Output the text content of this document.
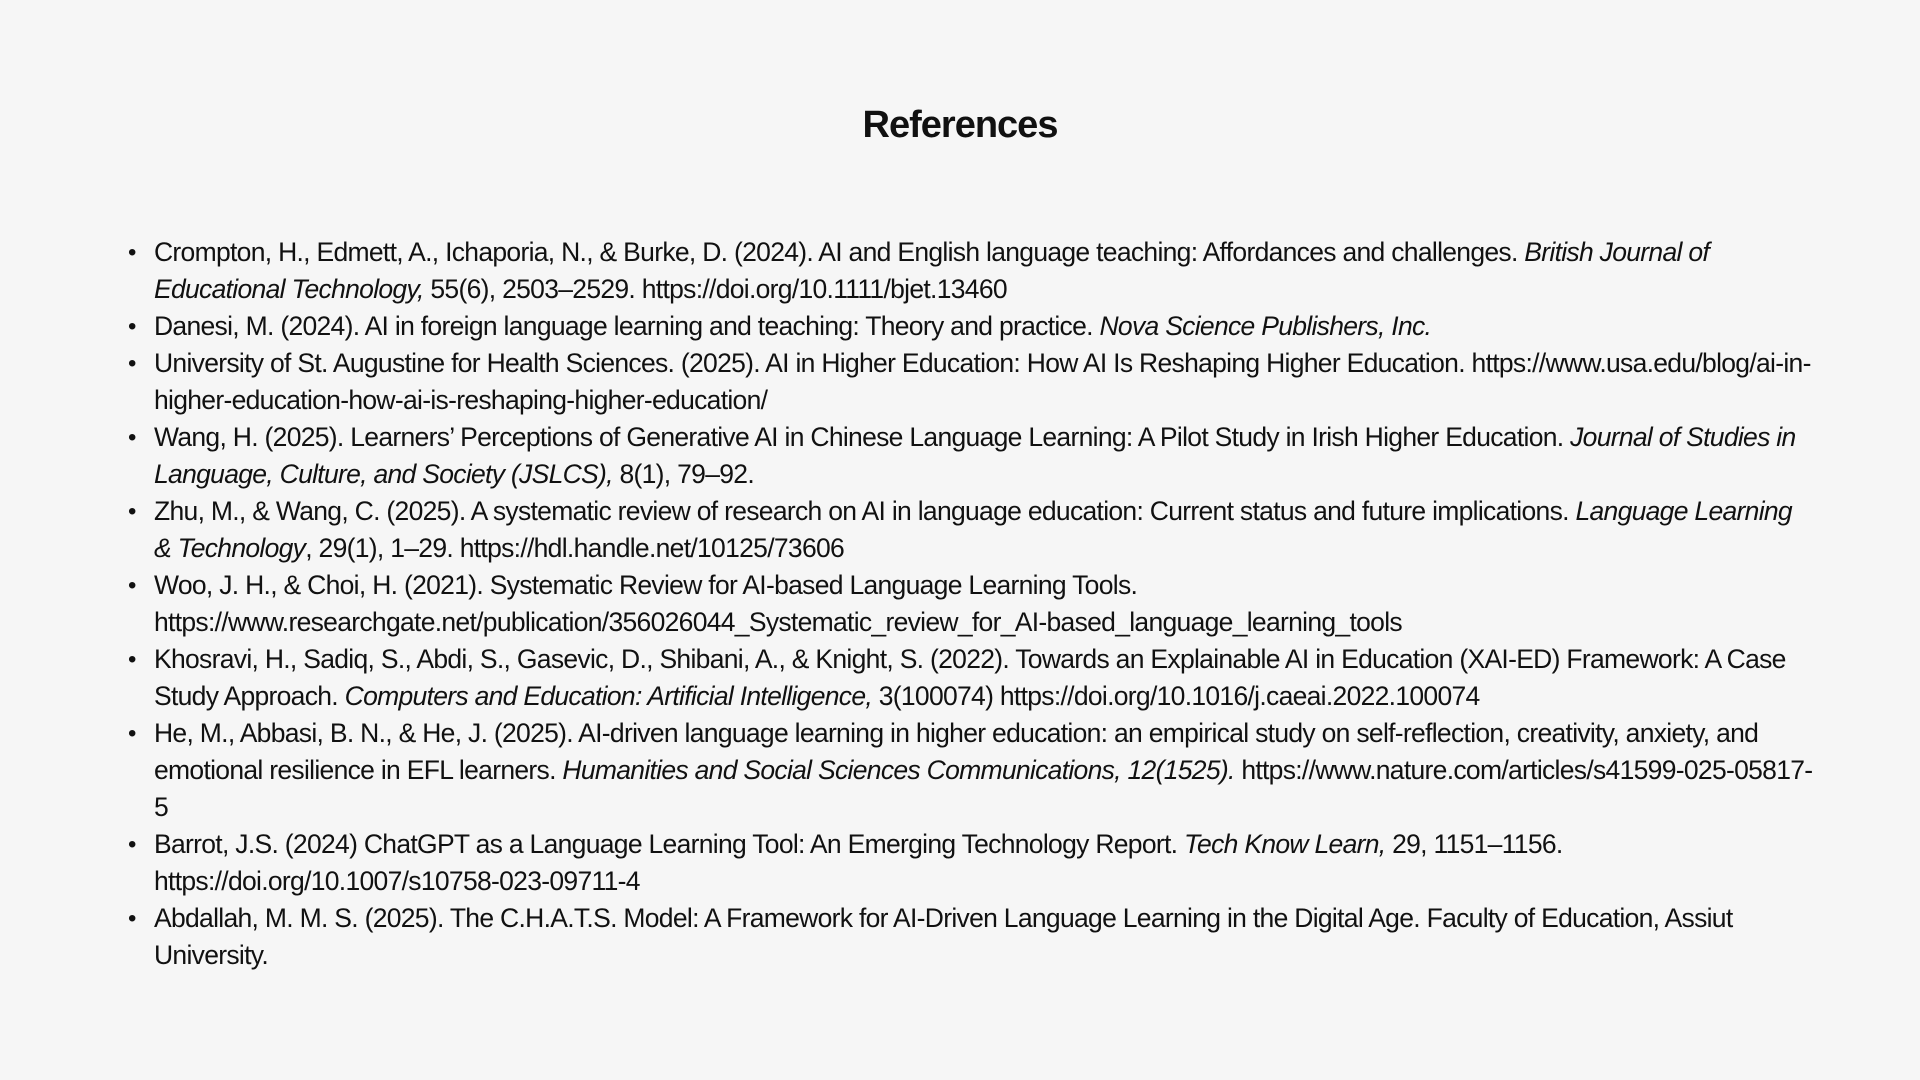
References
• Crompton, H., Edmett, A., Ichaporia, N., & Burke, D. (2024). AI and English language teaching: Affordances and challenges. British Journal of Educational Technology, 55(6), 2503–2529. https://doi.org/10.1111/bjet.13460
• Danesi, M. (2024). AI in foreign language learning and teaching: Theory and practice. Nova Science Publishers, Inc.
• University of St. Augustine for Health Sciences. (2025). AI in Higher Education: How AI Is Reshaping Higher Education. https://www.usa.edu/blog/ai-in-higher-education-how-ai-is-reshaping-higher-education/
• Wang, H. (2025). Learners’ Perceptions of Generative AI in Chinese Language Learning: A Pilot Study in Irish Higher Education. Journal of Studies in Language, Culture, and Society (JSLCS), 8(1), 79–92.
• Zhu, M., & Wang, C. (2025). A systematic review of research on AI in language education: Current status and future implications. Language Learning & Technology, 29(1), 1–29. https://hdl.handle.net/10125/73606
• Woo, J. H., & Choi, H. (2021). Systematic Review for AI-based Language Learning Tools. https://www.researchgate.net/publication/356026044_Systematic_review_for_AI-based_language_learning_tools
• Khosravi, H., Sadiq, S., Abdi, S., Gasevic, D., Shibani, A., & Knight, S. (2022). Towards an Explainable AI in Education (XAI-ED) Framework: A Case Study Approach. Computers and Education: Artificial Intelligence, 3(100074) https://doi.org/10.1016/j.caeai.2022.100074
• He, M., Abbasi, B. N., & He, J. (2025). AI-driven language learning in higher education: an empirical study on self-reflection, creativity, anxiety, and emotional resilience in EFL learners. Humanities and Social Sciences Communications, 12(1525). https://www.nature.com/articles/s41599-025-05817-5
• Barrot, J.S. (2024) ChatGPT as a Language Learning Tool: An Emerging Technology Report. Tech Know Learn, 29, 1151–1156. https://doi.org/10.1007/s10758-023-09711-4
• Abdallah, M. M. S. (2025). The C.H.A.T.S. Model: A Framework for AI-Driven Language Learning in the Digital Age. Faculty of Education, Assiut University.
